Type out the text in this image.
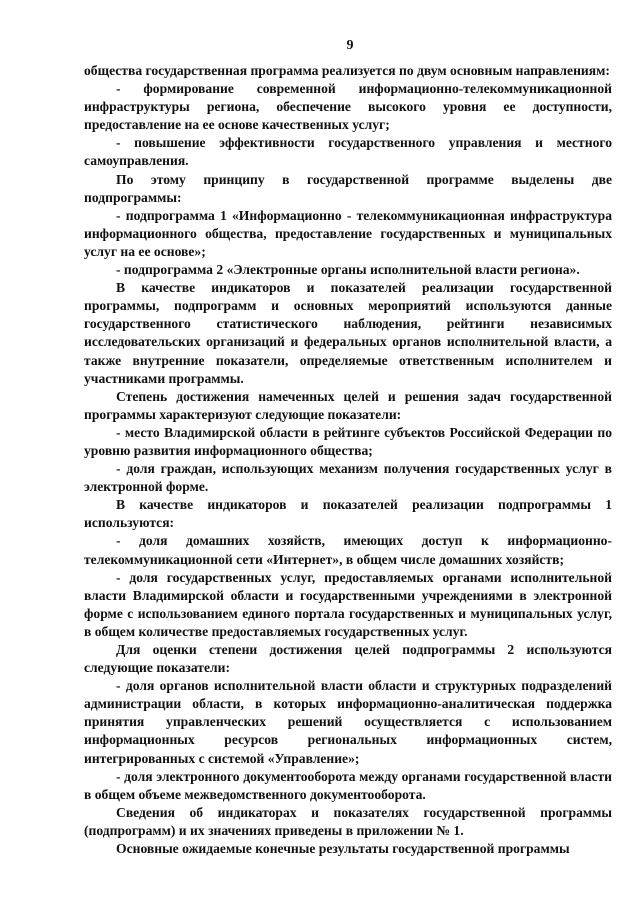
9

общества государственная программа реализуется по двум основным направлениям:

- формирование современной информационно-телекоммуникационной инфраструктуры региона, обеспечение высокого уровня ее доступности, предоставление на ее основе качественных услуг;

- повышение эффективности государственного управления и местного самоуправления.

По этому принципу в государственной программе выделены две подпрограммы:

- подпрограмма 1 «Информационно - телекоммуникационная инфраструктура информационного общества, предоставление государственных и муниципальных услуг на ее основе»;

- подпрограмма 2 «Электронные органы исполнительной власти региона».

В качестве индикаторов и показателей реализации государственной программы, подпрограмм и основных мероприятий используются данные государственного статистического наблюдения, рейтинги независимых исследовательских организаций и федеральных органов исполнительной власти, а также внутренние показатели, определяемые ответственным исполнителем и участниками программы.

Степень достижения намеченных целей и решения задач государственной программы характеризуют следующие показатели:

- место Владимирской области в рейтинге субъектов Российской Федерации по уровню развития информационного общества;

- доля граждан, использующих механизм получения государственных услуг в электронной форме.

В качестве индикаторов и показателей реализации подпрограммы 1 используются:

- доля домашних хозяйств, имеющих доступ к информационно-телекоммуникационной сети «Интернет», в общем числе домашних хозяйств;

- доля государственных услуг, предоставляемых органами исполнительной власти Владимирской области и государственными учреждениями в электронной форме с использованием единого портала государственных и муниципальных услуг, в общем количестве предоставляемых государственных услуг.

Для оценки степени достижения целей подпрограммы 2 используются следующие показатели:

- доля органов исполнительной власти области и структурных подразделений администрации области, в которых информационно-аналитическая поддержка принятия управленческих решений осуществляется с использованием информационных ресурсов региональных информационных систем, интегрированных с системой «Управление»;

- доля электронного документооборота между органами государственной власти в общем объеме межведомственного документооборота.

Сведения об индикаторах и показателях государственной программы (подпрограмм) и их значениях приведены в приложении № 1.

Основные ожидаемые конечные результаты государственной программы
